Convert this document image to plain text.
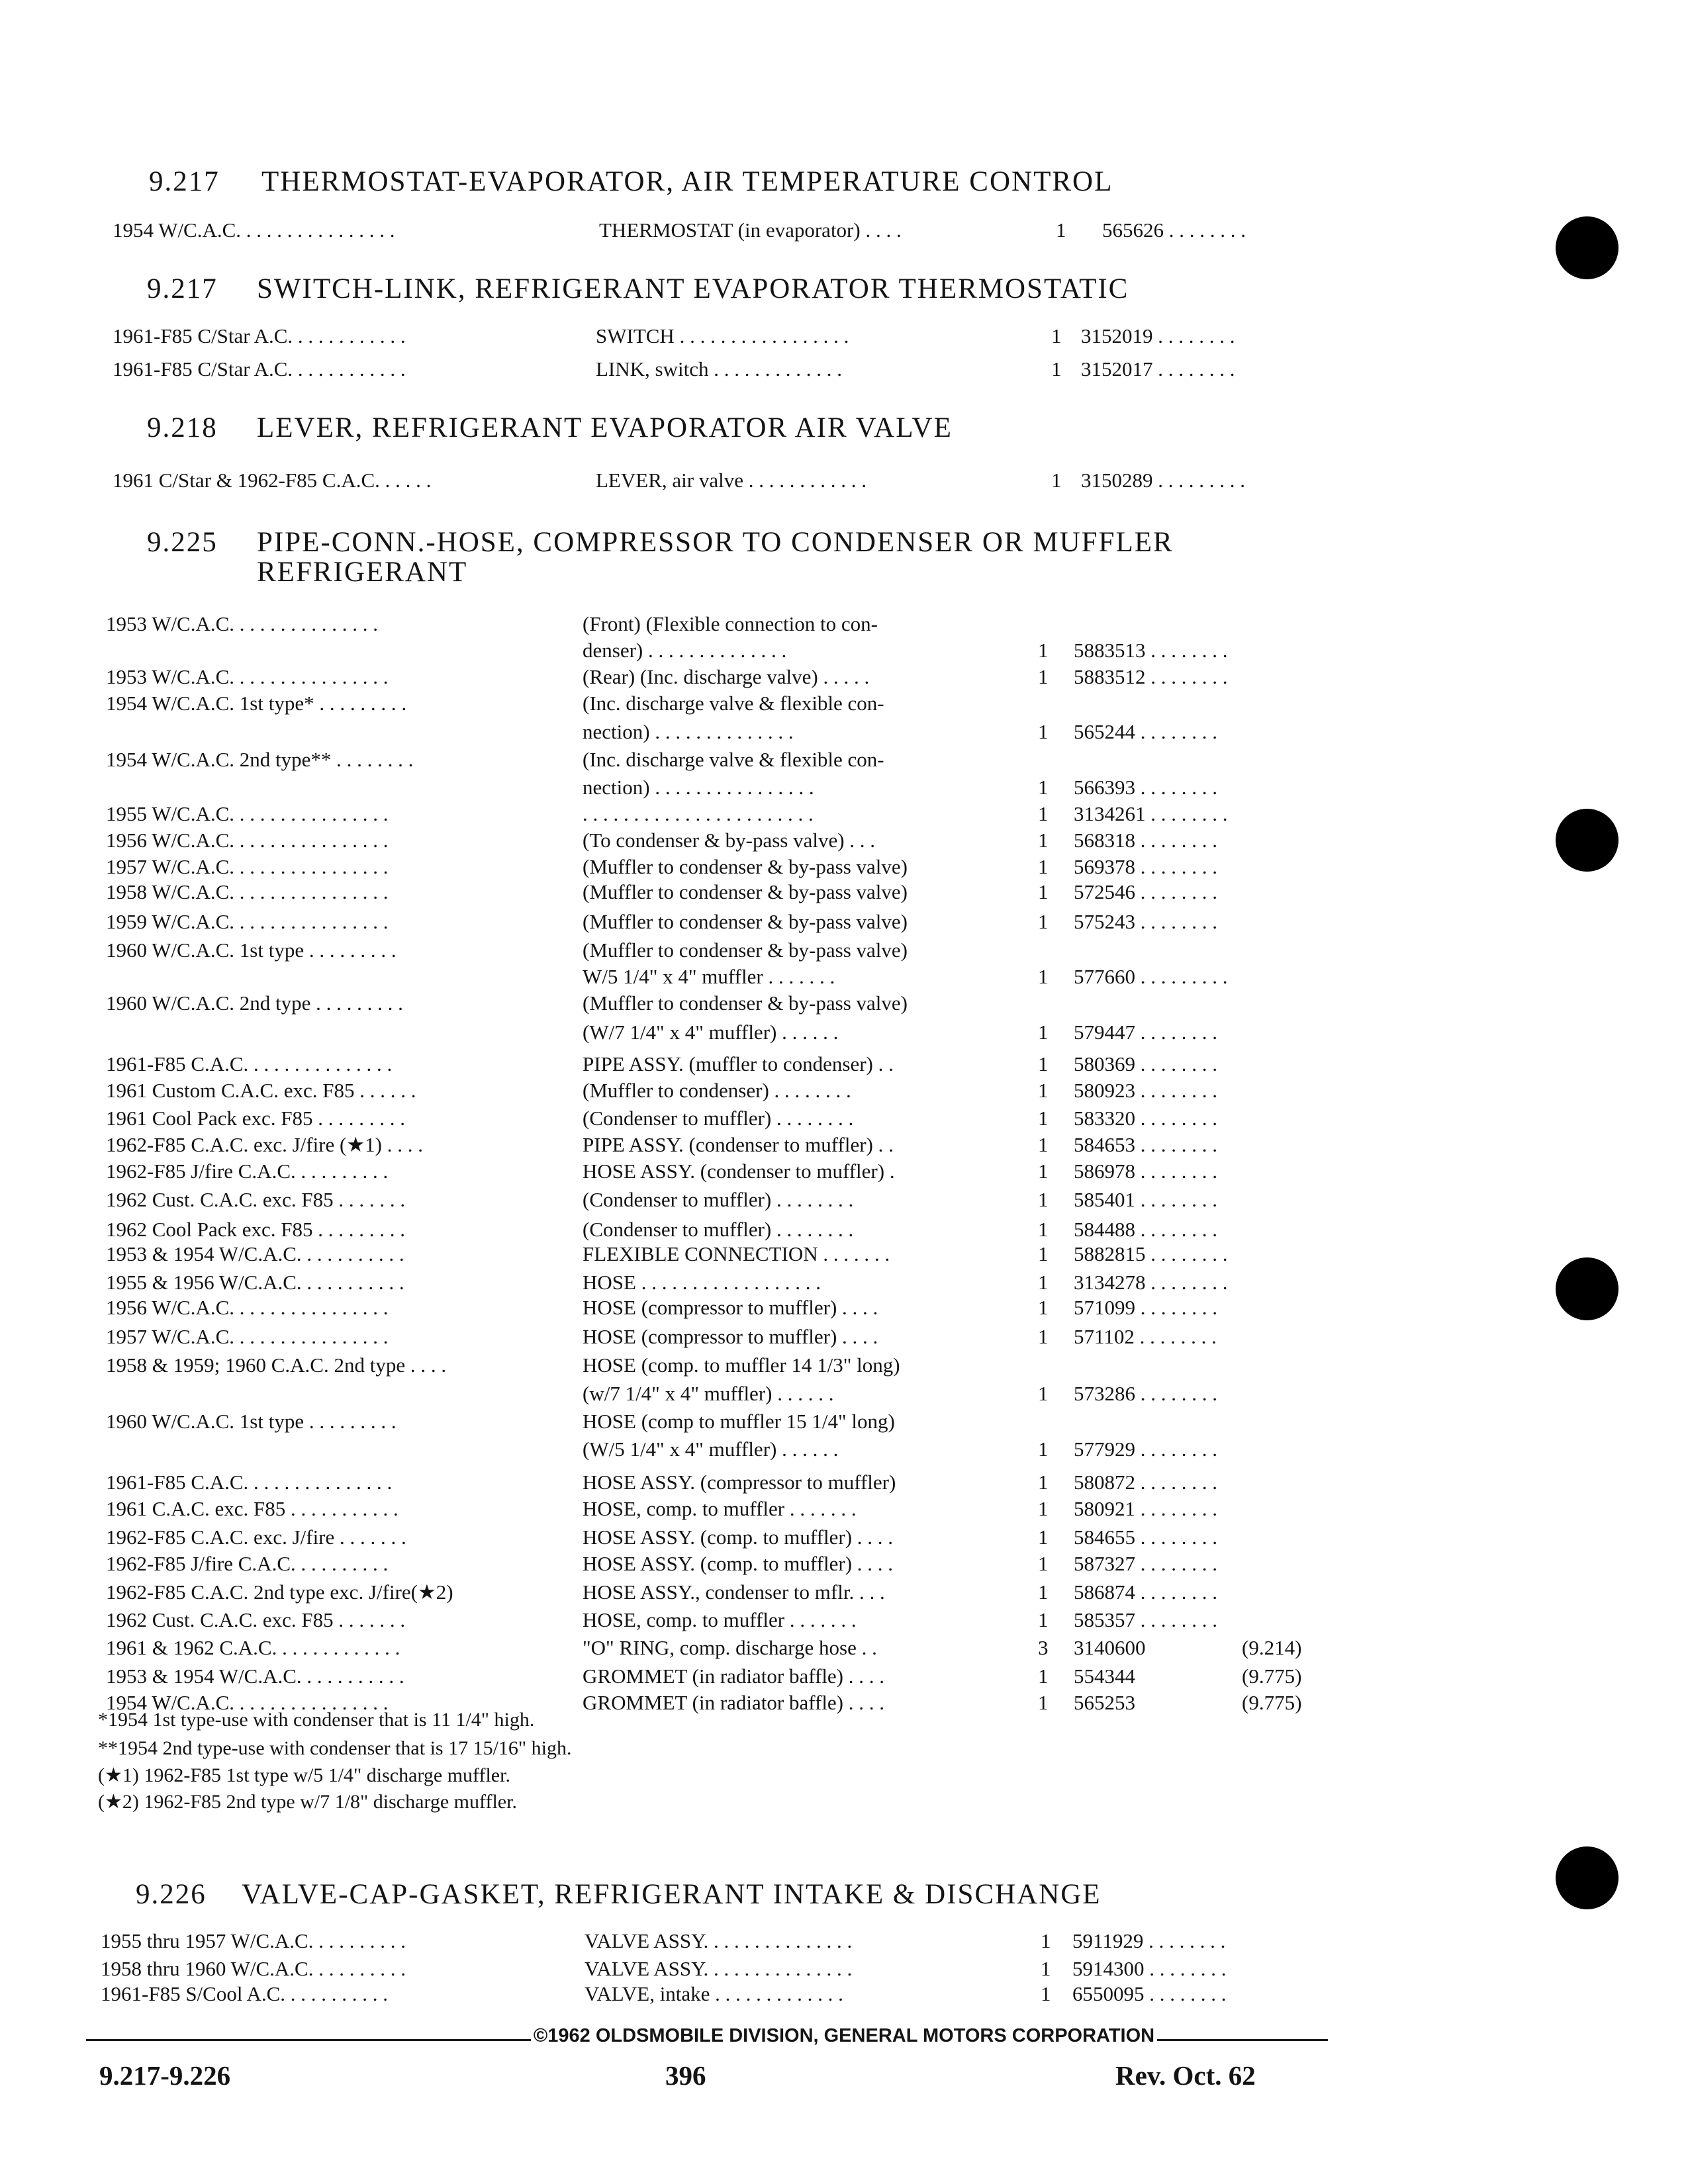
9.217 THERMOSTAT-EVAPORATOR, AIR TEMPERATURE CONTROL
1954 W/C.A.C. . . . . . . . . . . . . . . .	THERMOSTAT (in evaporator) . . . .	1 565626 . . . . . . . .
9.217 SWITCH-LINK, REFRIGERANT EVAPORATOR THERMOSTATIC
1961-F85 C/Star A.C. . . . . . . . . . . .	SWITCH . . . . . . . . . . . . . . . . .	1 3152019 . . . . . . . .
1961-F85 C/Star A.C. . . . . . . . . . . .	LINK, switch . . . . . . . . . . . . .	1 3152017 . . . . . . . .
9.218 LEVER, REFRIGERANT EVAPORATOR AIR VALVE
1961 C/Star & 1962-F85 C.A.C. . . . . .	LEVER, air valve . . . . . . . . . . . .	1 3150289 . . . . . . . . .
9.225 PIPE-CONN.-HOSE, COMPRESSOR TO CONDENSER OR MUFFLER
REFRIGERANT
1953 W/C.A.C. . . . . . . . . . . . . . .	(Front) (Flexible connection to con-
denser) . . . . . . . . . . . . . .	1 5883513 . . . . . . . .
1953 W/C.A.C. . . . . . . . . . . . . . . .	(Rear) (Inc. discharge valve) . . . . .	1 5883512 . . . . . . . .
1954 W/C.A.C. 1st type* . . . . . . . . .	(Inc. discharge valve & flexible con-
nection) . . . . . . . . . . . . . .	1 565244 . . . . . . . .
1954 W/C.A.C. 2nd type** . . . . . . . .	(Inc. discharge valve & flexible con-
nection) . . . . . . . . . . . . . . . .	1 566393 . . . . . . . .
1955 W/C.A.C. . . . . . . . . . . . . . . .	. . . . . . . . . . . . . . . . . . . . . . .	1 3134261 . . . . . . . .
1956 W/C.A.C. . . . . . . . . . . . . . . .	(To condenser & by-pass valve) . . .	1 568318 . . . . . . . .
1957 W/C.A.C. . . . . . . . . . . . . . . .	(Muffler to condenser & by-pass valve)	1 569378 . . . . . . . .
1958 W/C.A.C. . . . . . . . . . . . . . . .	(Muffler to condenser & by-pass valve)	1 572546 . . . . . . . .
1959 W/C.A.C. . . . . . . . . . . . . . . .	(Muffler to condenser & by-pass valve)	1 575243 . . . . . . . .
1960 W/C.A.C. 1st type . . . . . . . . .	(Muffler to condenser & by-pass valve)
W/5 1/4" x 4" muffler . . . . . . .	1 577660 . . . . . . . . .
1960 W/C.A.C. 2nd type . . . . . . . . .	(Muffler to condenser & by-pass valve)
(W/7 1/4" x 4" muffler) . . . . . .	1 579447 . . . . . . . .
1961-F85 C.A.C. . . . . . . . . . . . . . .	PIPE ASSY. (muffler to condenser) . .	1 580369 . . . . . . . .
1961 Custom C.A.C. exc. F85 . . . . . .	(Muffler to condenser) . . . . . . . .	1 580923 . . . . . . . .
1961 Cool Pack exc. F85 . . . . . . . . .	(Condenser to muffler) . . . . . . . .	1 583320 . . . . . . . .
1962-F85 C.A.C. exc. J/fire (★1) . . . .	PIPE ASSY. (condenser to muffler) . .	1 584653 . . . . . . . .
1962-F85 J/fire C.A.C. . . . . . . . . .	HOSE ASSY. (condenser to muffler) .	1 586978 . . . . . . . .
1962 Cust. C.A.C. exc. F85 . . . . . . .	(Condenser to muffler) . . . . . . . .	1 585401 . . . . . . . .
1962 Cool Pack exc. F85 . . . . . . . . .	(Condenser to muffler) . . . . . . . .	1 584488 . . . . . . . .
1953 & 1954 W/C.A.C. . . . . . . . . . .	FLEXIBLE CONNECTION . . . . . . .	1 5882815 . . . . . . . .
1955 & 1956 W/C.A.C. . . . . . . . . . .	HOSE . . . . . . . . . . . . . . . . . .	1 3134278 . . . . . . . .
1956 W/C.A.C. . . . . . . . . . . . . . . .	HOSE (compressor to muffler) . . . .	1 571099 . . . . . . . .
1957 W/C.A.C. . . . . . . . . . . . . . . .	HOSE (compressor to muffler) . . . .	1 571102 . . . . . . . .
1958 & 1959; 1960 C.A.C. 2nd type . . . .	HOSE (comp. to muffler 14 1/3" long)
(w/7 1/4" x 4" muffler) . . . . . .	1 573286 . . . . . . . .
1960 W/C.A.C. 1st type . . . . . . . . .	HOSE (comp to muffler 15 1/4" long)
(W/5 1/4" x 4" muffler) . . . . . .	1 577929 . . . . . . . .
1961-F85 C.A.C. . . . . . . . . . . . . . .	HOSE ASSY. (compressor to muffler)	1 580872 . . . . . . . .
1961 C.A.C. exc. F85 . . . . . . . . . . .	HOSE, comp. to muffler . . . . . . .	1 580921 . . . . . . . .
1962-F85 C.A.C. exc. J/fire . . . . . . .	HOSE ASSY. (comp. to muffler) . . . .	1 584655 . . . . . . . .
1962-F85 J/fire C.A.C. . . . . . . . . .	HOSE ASSY. (comp. to muffler) . . . .	1 587327 . . . . . . . .
1962-F85 C.A.C. 2nd type exc. J/fire(★2)	HOSE ASSY., condenser to mflr. . . .	1 586874 . . . . . . . .
1962 Cust. C.A.C. exc. F85 . . . . . . .	HOSE, comp. to muffler . . . . . . .	1 585357 . . . . . . . .
1961 & 1962 C.A.C. . . . . . . . . . . . .	"O" RING, comp. discharge hose . .	3 3140600	(9.214)
1953 & 1954 W/C.A.C. . . . . . . . . . .	GROMMET (in radiator baffle) . . . .	1 554344	(9.775)
1954 W/C.A.C. . . . . . . . . . . . . . . .	GROMMET (in radiator baffle) . . . .	1 565253	(9.775)
*1954 1st type-use with condenser that is 11 1/4" high.
**1954 2nd type-use with condenser that is 17 15/16" high.
(★1) 1962-F85 1st type w/5 1/4" discharge muffler.
(★2) 1962-F85 2nd type w/7 1/8" discharge muffler.
9.226 VALVE-CAP-GASKET, REFRIGERANT INTAKE & DISCHANGE
1955 thru 1957 W/C.A.C. . . . . . . . . .	VALVE ASSY. . . . . . . . . . . . . . .	1 5911929 . . . . . . . .
1958 thru 1960 W/C.A.C. . . . . . . . . .	VALVE ASSY. . . . . . . . . . . . . . .	1 5914300 . . . . . . . .
1961-F85 S/Cool A.C. . . . . . . . . . .	VALVE, intake . . . . . . . . . . . . .	1 6550095 . . . . . . . .
©1962 OLDSMOBILE DIVISION, GENERAL MOTORS CORPORATION
9.217-9.226	396	Rev. Oct. 62
